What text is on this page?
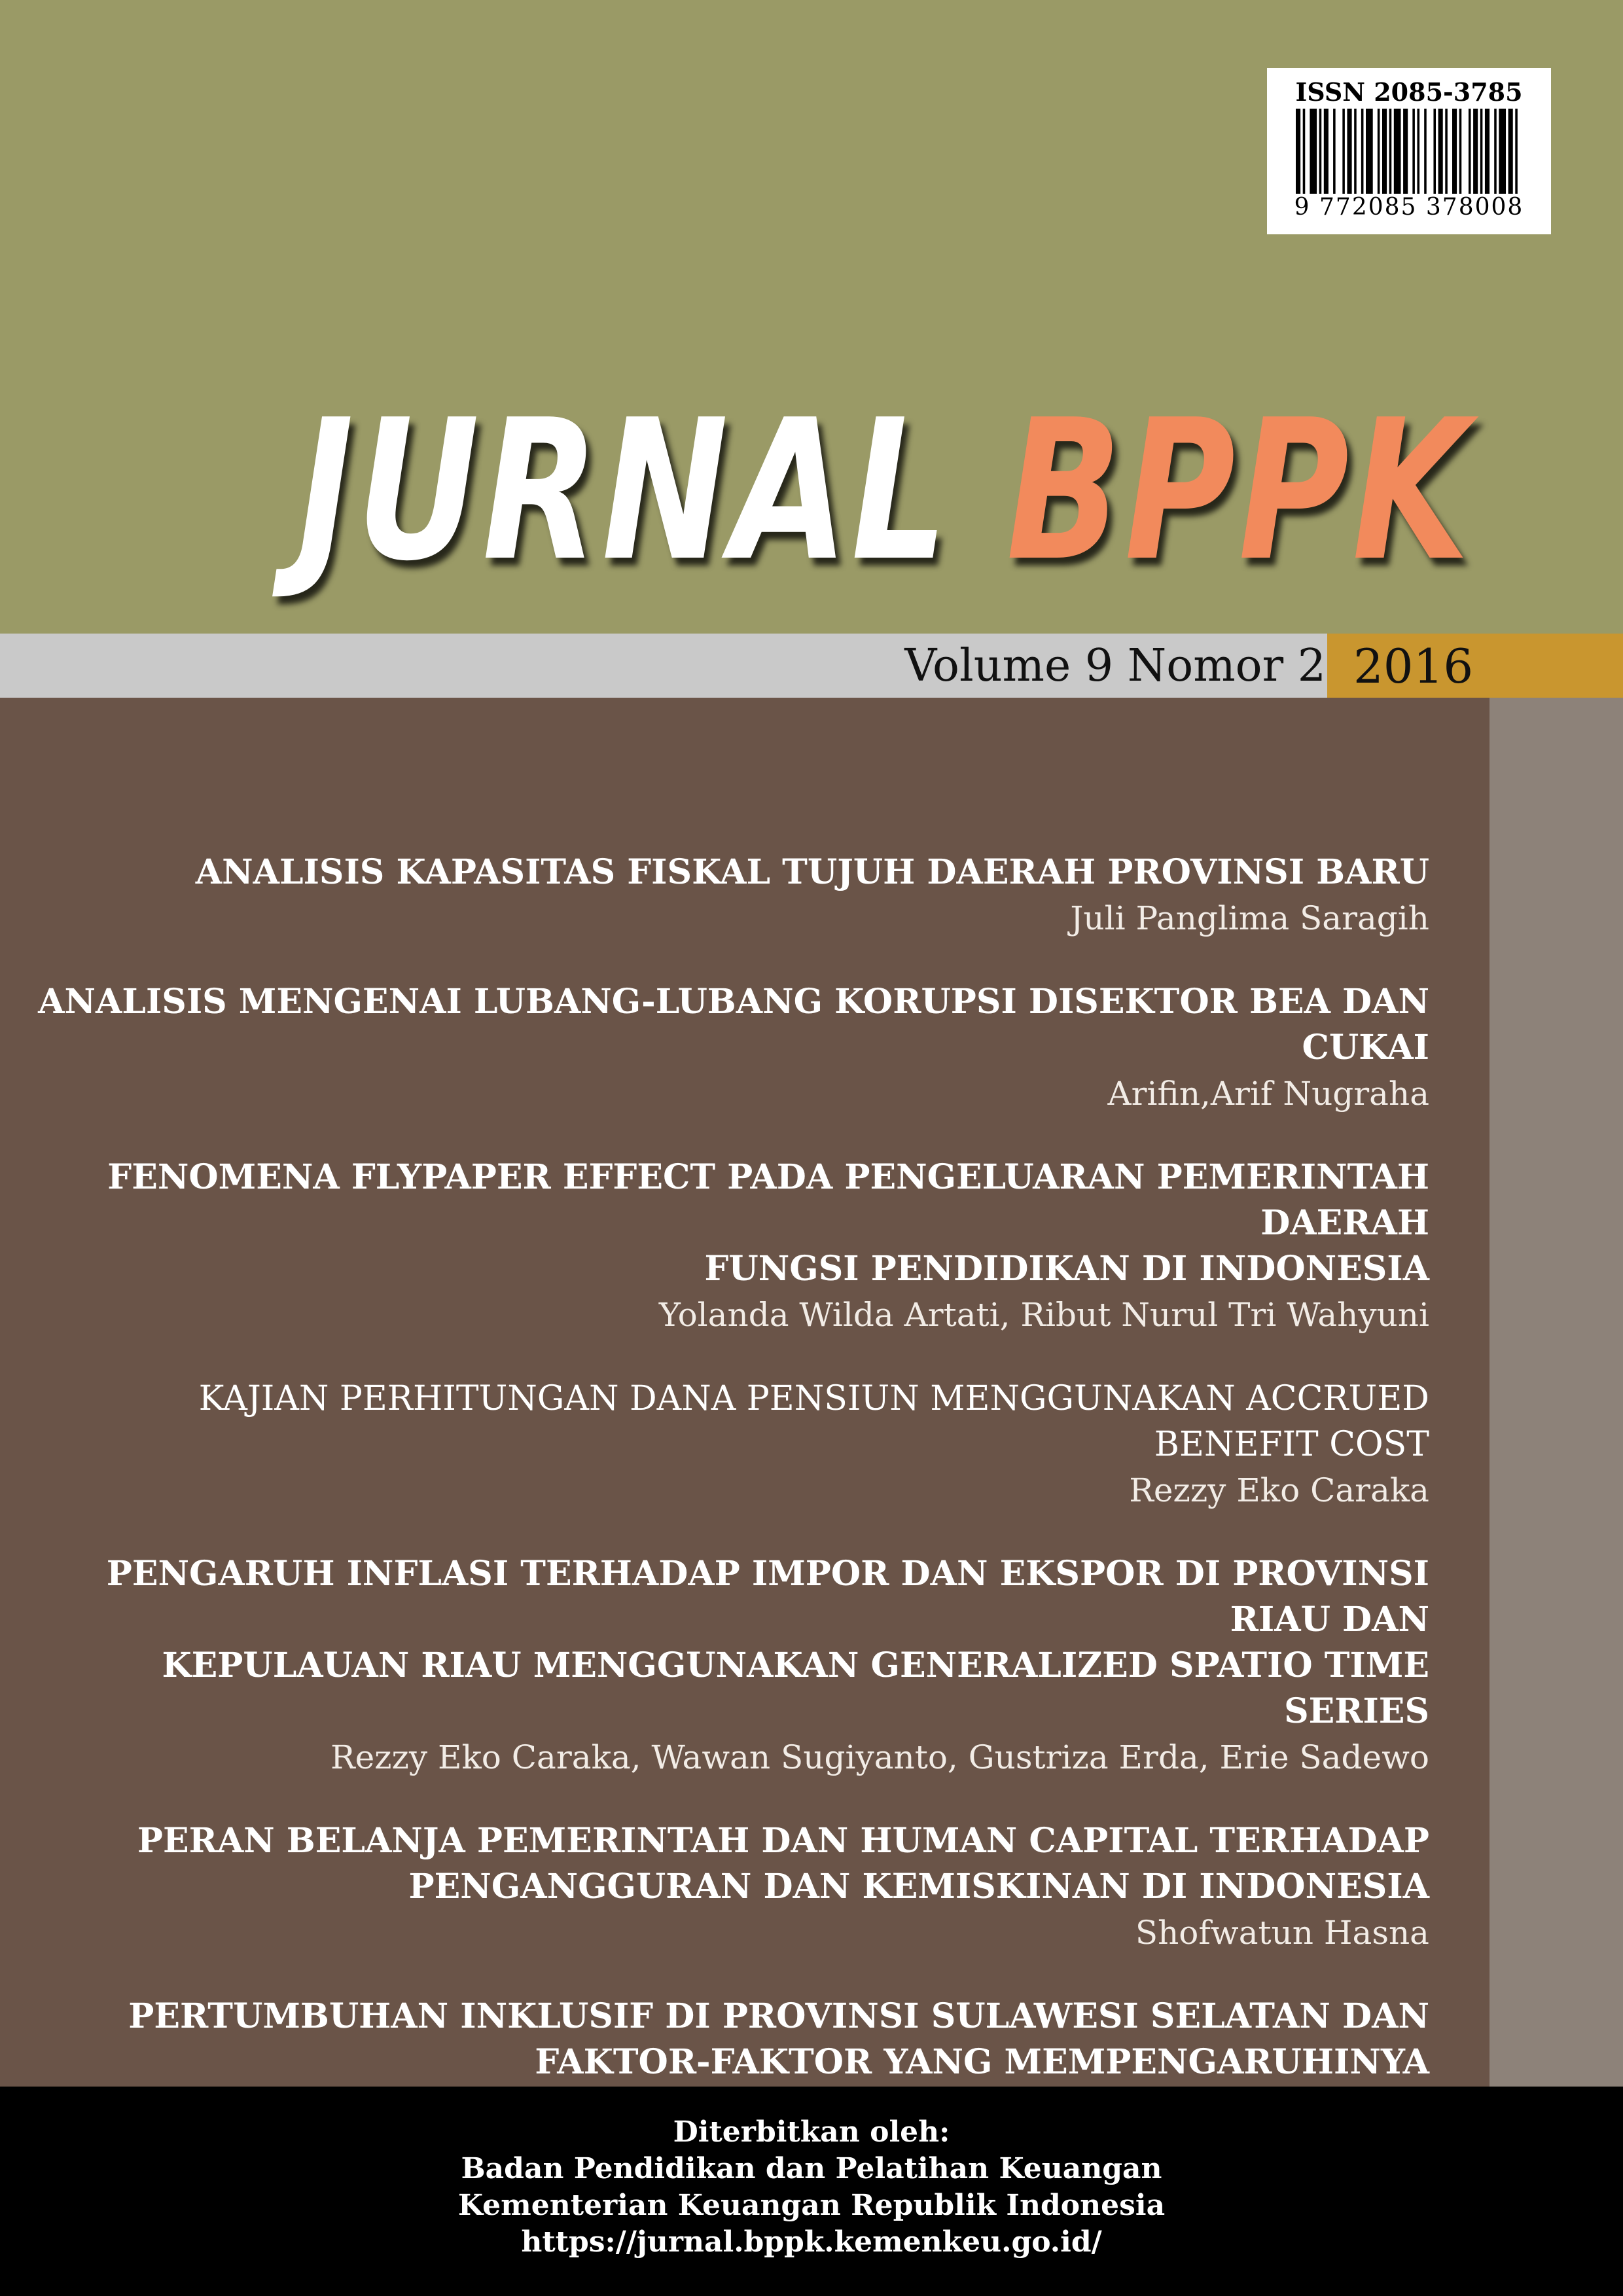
ISSN 2085-3785
9 772085 378008
JURNAL BPPK
Volume 9 Nomor 2 2016
ANALISIS KAPASITAS FISKAL TUJUH DAERAH PROVINSI BARU
Juli Panglima Saragih
ANALISIS MENGENAI LUBANG-LUBANG KORUPSI DISEKTOR BEA DAN CUKAI
Arifin,Arif Nugraha
FENOMENA FLYPAPER EFFECT PADA PENGELUARAN PEMERINTAH DAERAH
FUNGSI PENDIDIKAN DI INDONESIA
Yolanda Wilda Artati, Ribut Nurul Tri Wahyuni
KAJIAN PERHITUNGAN DANA PENSIUN MENGGUNAKAN ACCRUED BENEFIT COST
Rezzy Eko Caraka
PENGARUH INFLASI TERHADAP IMPOR DAN EKSPOR DI PROVINSI RIAU DAN
KEPULAUAN RIAU MENGGUNAKAN GENERALIZED SPATIO TIME SERIES
Rezzy Eko Caraka, Wawan Sugiyanto, Gustriza Erda, Erie Sadewo
PERAN BELANJA PEMERINTAH DAN HUMAN CAPITAL TERHADAP
PENGANGGURAN DAN KEMISKINAN DI INDONESIA
Shofwatun Hasna
PERTUMBUHAN INKLUSIF DI PROVINSI SULAWESI SELATAN DAN
FAKTOR-FAKTOR YANG MEMPENGARUHINYA
Diterbitkan oleh:
Badan Pendidikan dan Pelatihan Keuangan
Kementerian Keuangan Republik Indonesia
https://jurnal.bppk.kemenkeu.go.id/
